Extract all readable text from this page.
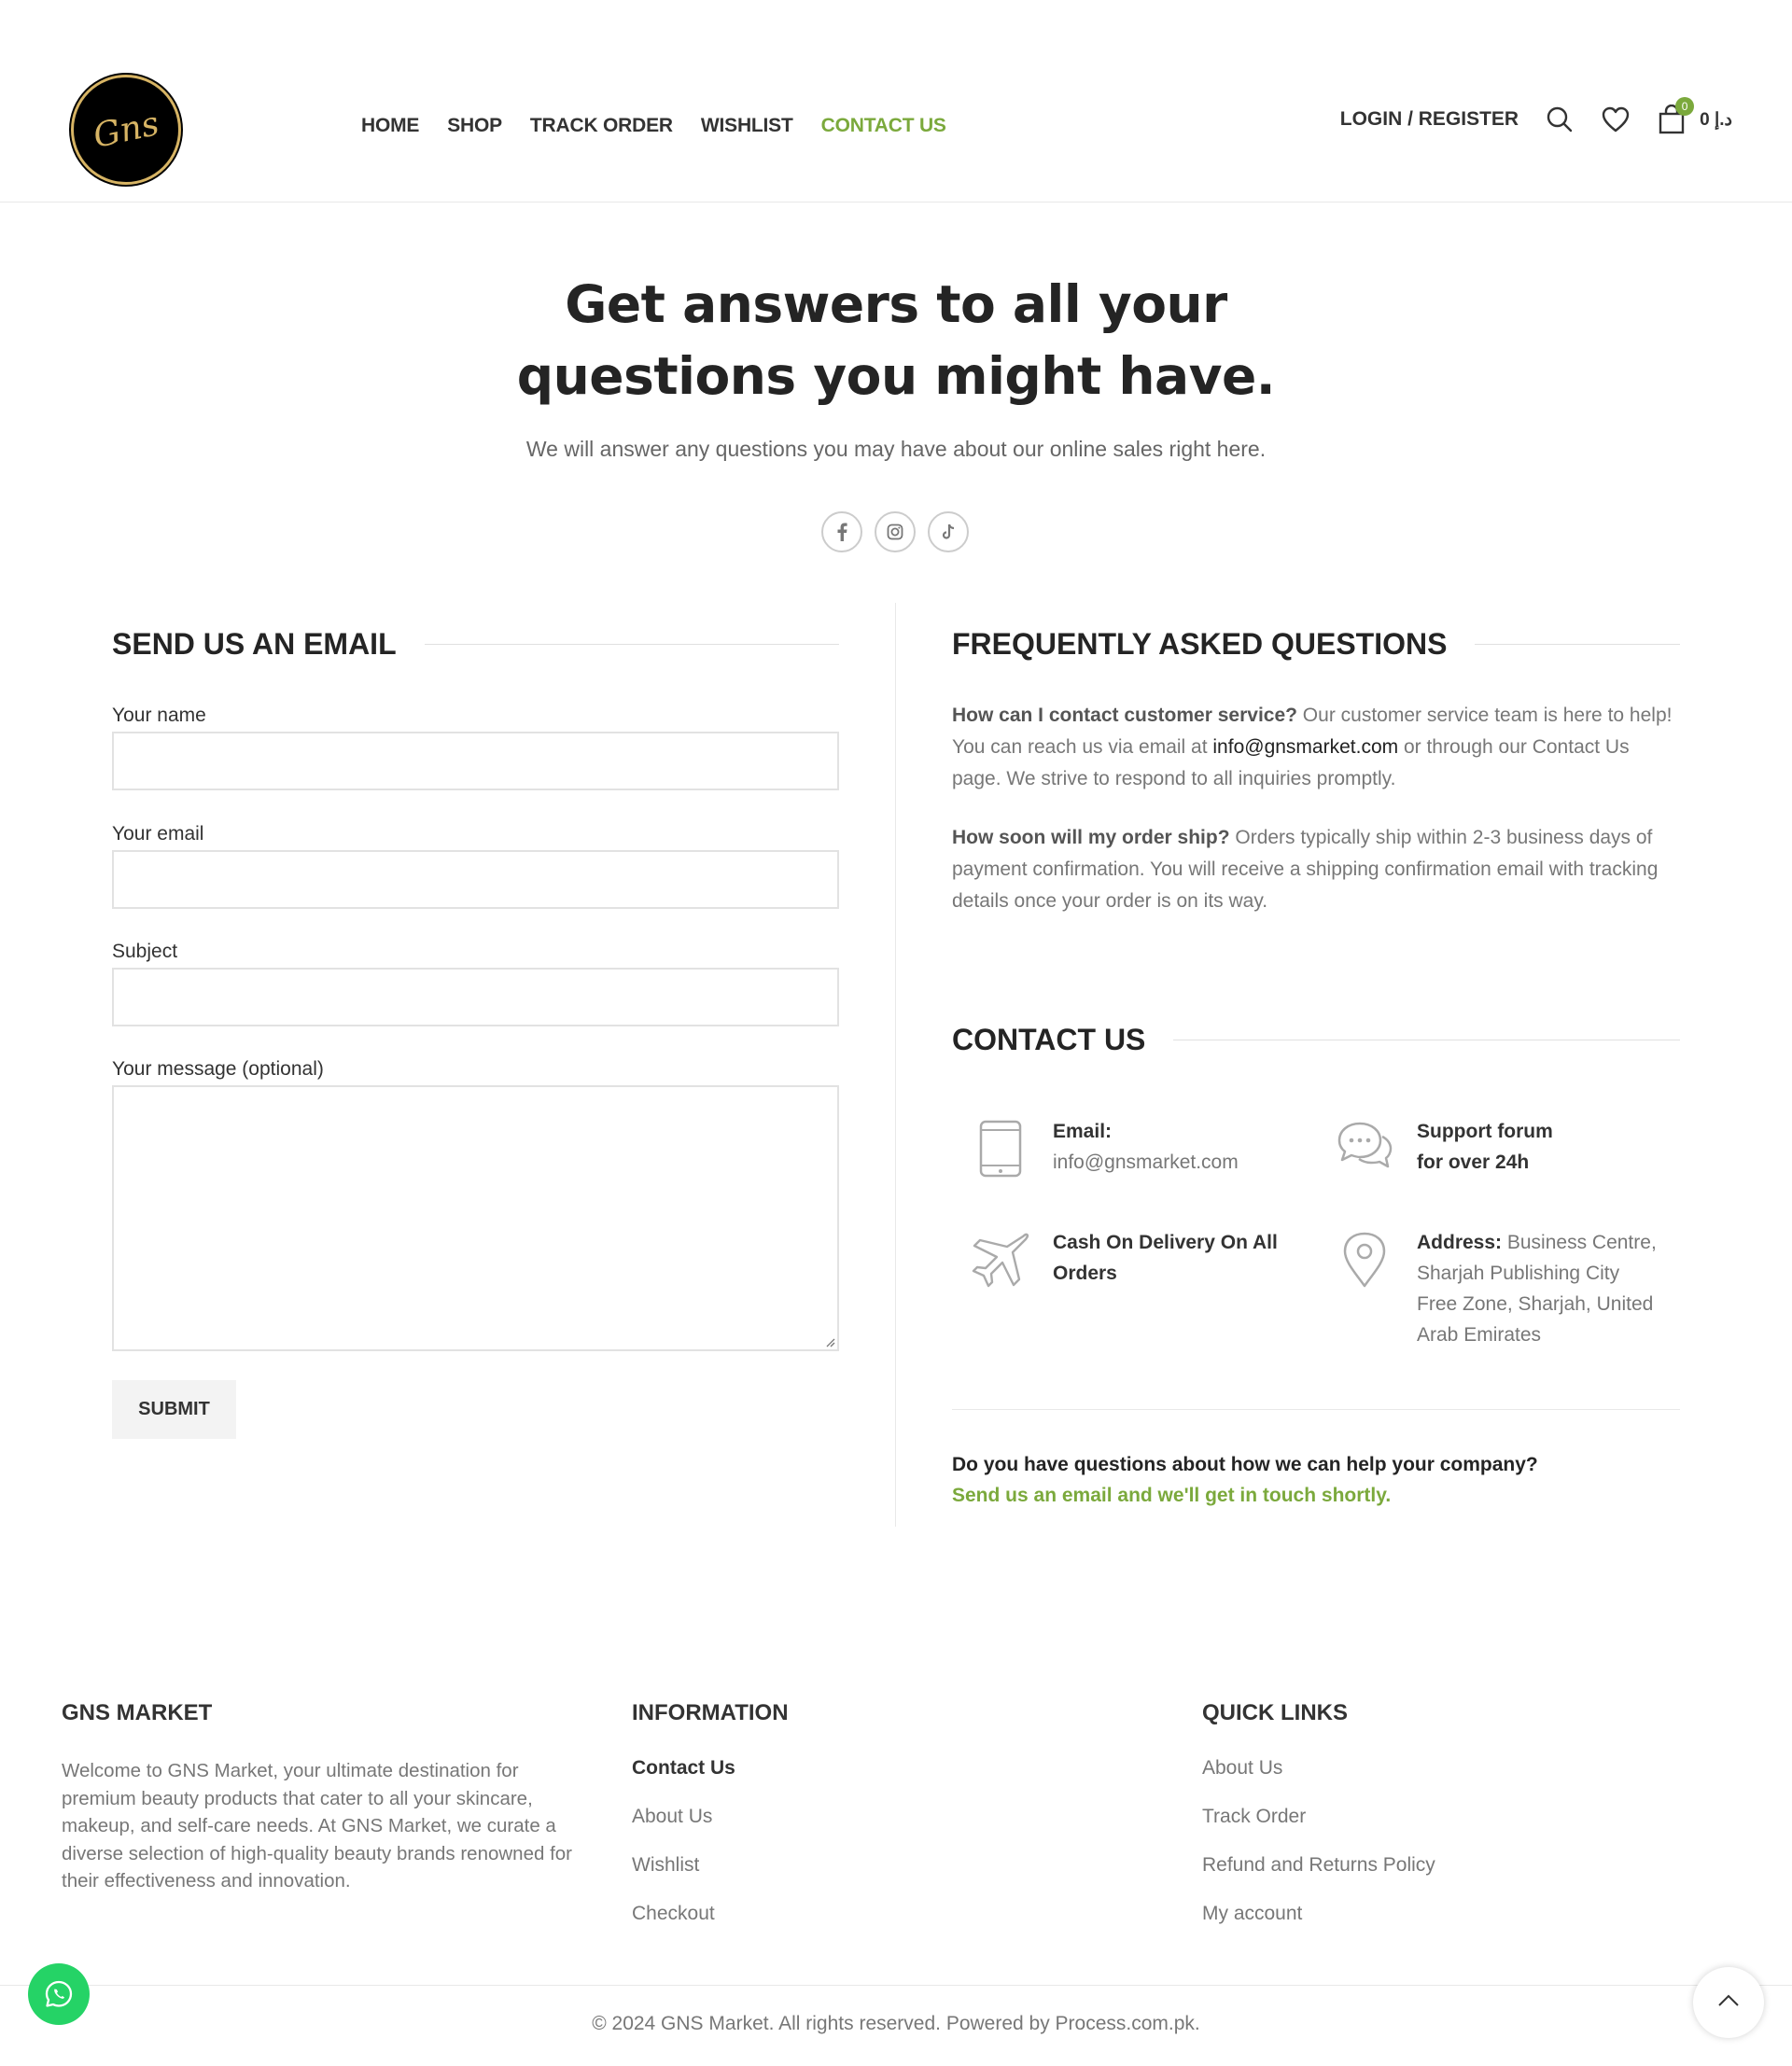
Gns	HOME SHOP TRACK ORDER WISHLIST CONTACT US	LOGIN / REGISTER
0
0 د.إ
Get answers to all your
questions you might have.

We will answer any questions you may have about our online sales right here.

SEND US AN EMAIL
Your name
Your email
Subject
Your message (optional)
SUBMIT
FREQUENTLY ASKED QUESTIONS

How can I contact customer service? Our customer service team is here to help! You can reach us via email at info@gnsmarket.com or through our Contact Us page. We strive to respond to all inquiries promptly.

How soon will my order ship? Orders typically ship within 2-3 business days of payment confirmation. You will receive a shipping confirmation email with tracking details once your order is on its way.

CONTACT US
Email:
info@gnsmarket.com
Support forum
for over 24h
Cash On Delivery On All
Orders
Address: Business Centre,
Sharjah Publishing City
Free Zone, Sharjah, United
Arab Emirates

Do you have questions about how we can help your company?

Send us an email and we'll get in touch shortly.
GNS MARKET

Welcome to GNS Market, your ultimate destination for premium beauty products that cater to all your skincare, makeup, and self-care needs. At GNS Market, we curate a diverse selection of high-quality beauty brands renowned for their effectiveness and innovation.

INFORMATION
Contact Us
About Us
Wishlist
Checkout
QUICK LINKS
About Us
Track Order
Refund and Returns Policy
My account

© 2024 GNS Market. All rights reserved. Powered by Process.com.pk.
